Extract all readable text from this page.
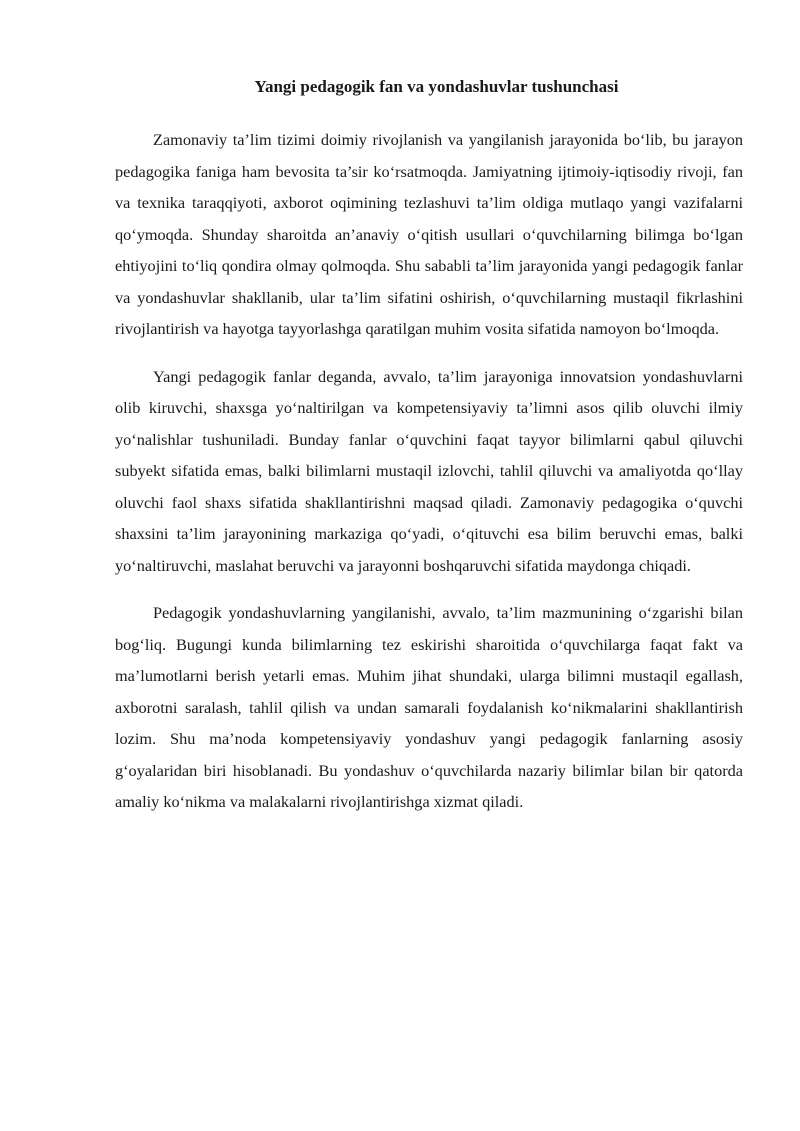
Yangi pedagogik fan va yondashuvlar tushunchasi

Zamonaviy ta’lim tizimi doimiy rivojlanish va yangilanish jarayonida bo‘lib, bu jarayon pedagogika faniga ham bevosita ta’sir ko‘rsatmoqda. Jamiyatning ijtimoiy-iqtisodiy rivoji, fan va texnika taraqqiyoti, axborot oqimining tezlashuvi ta’lim oldiga mutlaqo yangi vazifalarni qo‘ymoqda. Shunday sharoitda an’anaviy o‘qitish usullari o‘quvchilarning bilimga bo‘lgan ehtiyojini to‘liq qondira olmay qolmoqda. Shu sababli ta’lim jarayonida yangi pedagogik fanlar va yondashuvlar shakllanib, ular ta’lim sifatini oshirish, o‘quvchilarning mustaqil fikrlashini rivojlantirish va hayotga tayyorlashga qaratilgan muhim vosita sifatida namoyon bo‘lmoqda.

Yangi pedagogik fanlar deganda, avvalo, ta’lim jarayoniga innovatsion yondashuvlarni olib kiruvchi, shaxsga yo‘naltirilgan va kompetensiyaviy ta’limni asos qilib oluvchi ilmiy yo‘nalishlar tushuniladi. Bunday fanlar o‘quvchini faqat tayyor bilimlarni qabul qiluvchi subyekt sifatida emas, balki bilimlarni mustaqil izlovchi, tahlil qiluvchi va amaliyotda qo‘llay oluvchi faol shaxs sifatida shakllantirishni maqsad qiladi. Zamonaviy pedagogika o‘quvchi shaxsini ta’lim jarayonining markaziga qo‘yadi, o‘qituvchi esa bilim beruvchi emas, balki yo‘naltiruvchi, maslahat beruvchi va jarayonni boshqaruvchi sifatida maydonga chiqadi.

Pedagogik yondashuvlarning yangilanishi, avvalo, ta’lim mazmunining o‘zgarishi bilan bog‘liq. Bugungi kunda bilimlarning tez eskirishi sharoitida o‘quvchilarga faqat fakt va ma’lumotlarni berish yetarli emas. Muhim jihat shundaki, ularga bilimni mustaqil egallash, axborotni saralash, tahlil qilish va undan samarali foydalanish ko‘nikmalarini shakllantirish lozim. Shu ma’noda kompetensiyaviy yondashuv yangi pedagogik fanlarning asosiy g‘oyalaridan biri hisoblanadi. Bu yondashuv o‘quvchilarda nazariy bilimlar bilan bir qatorda amaliy ko‘nikma va malakalarni rivojlantirishga xizmat qiladi.
